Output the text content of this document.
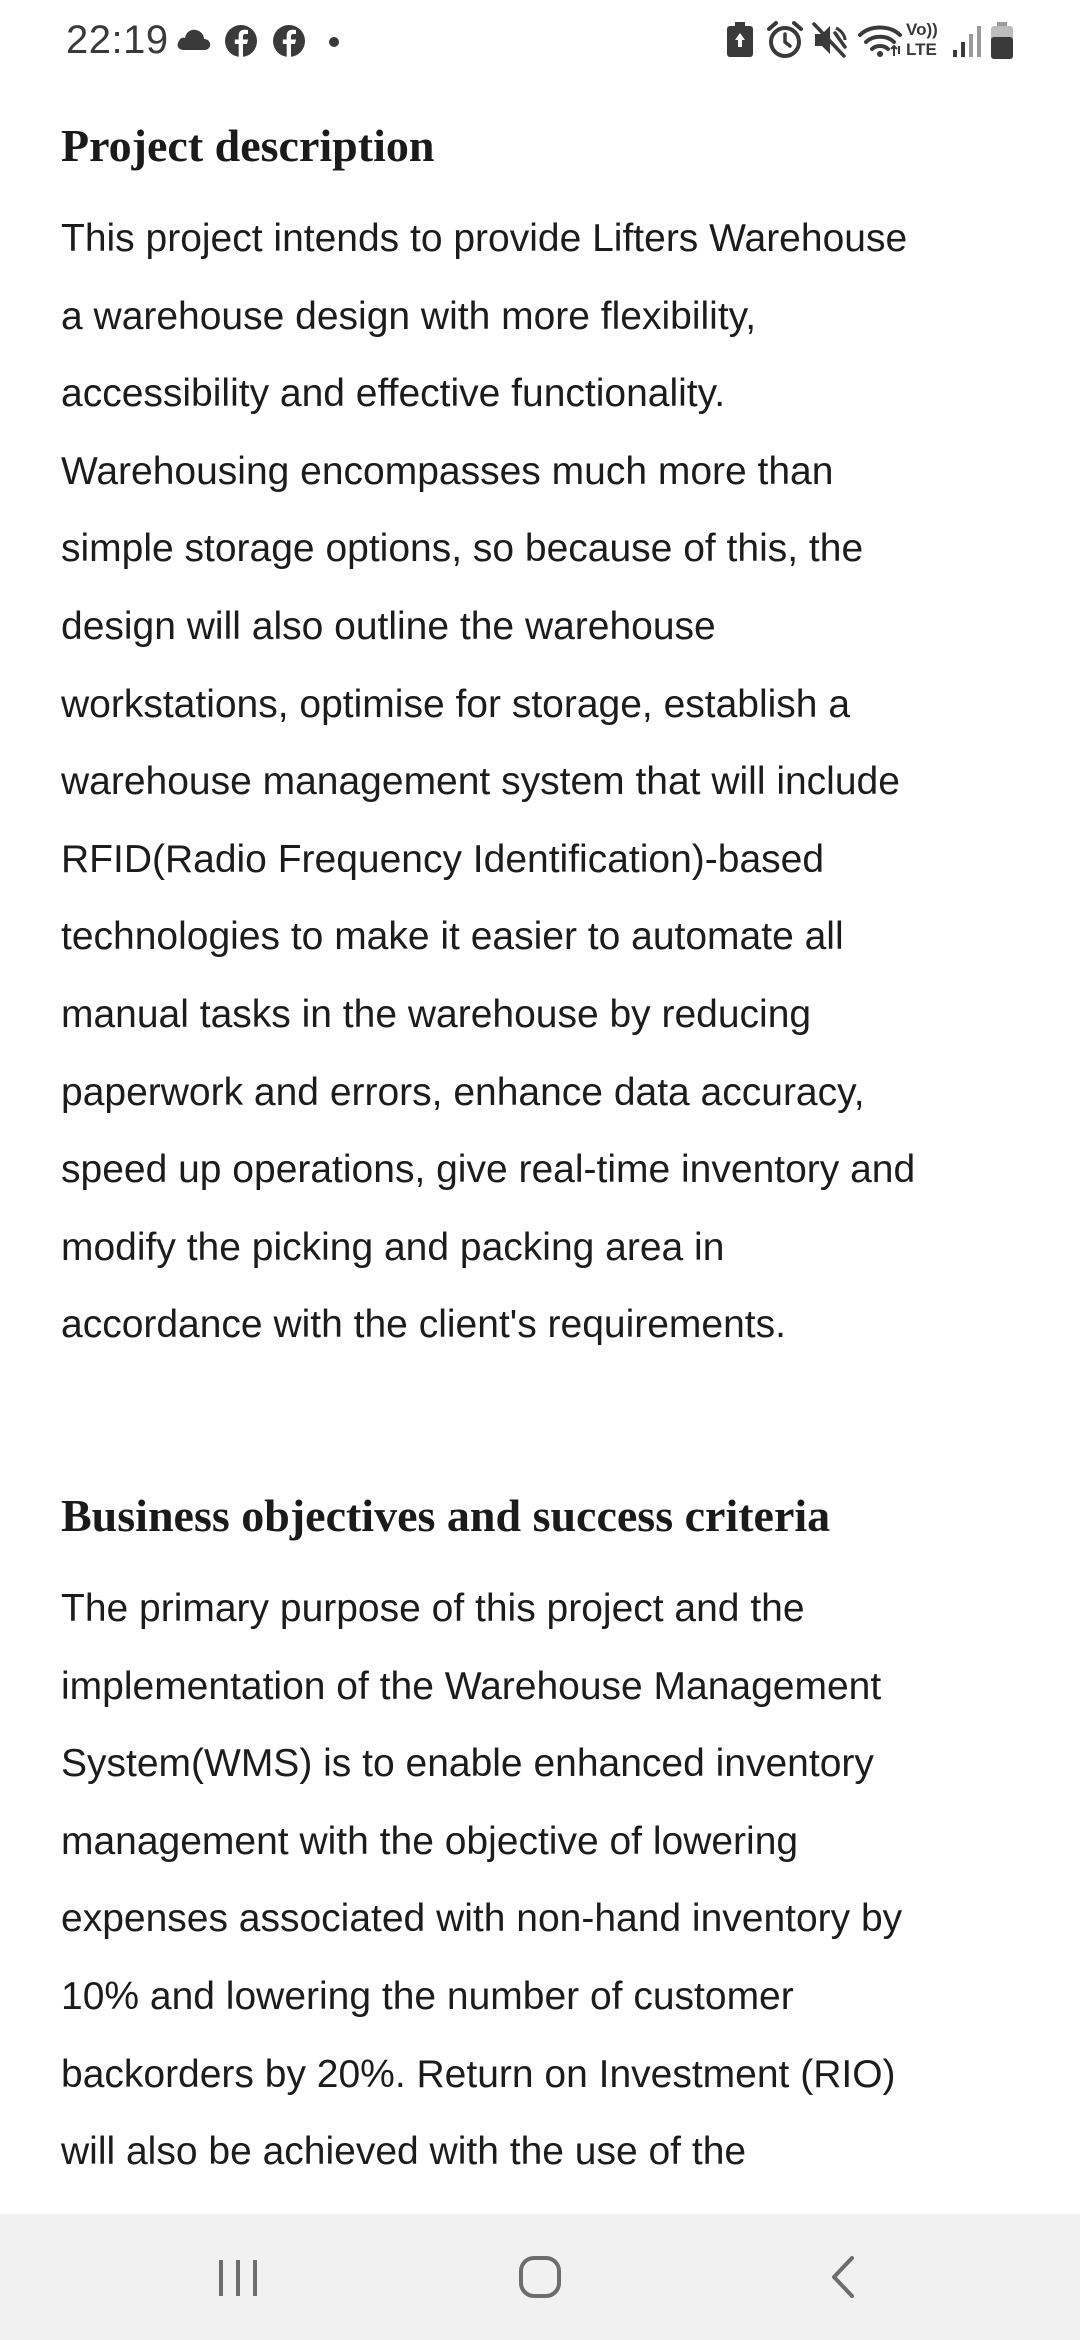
22:19	Vo))
LTE
Project description
This project intends to provide Lifters Warehouse
a warehouse design with more flexibility,
accessibility and effective functionality.
Warehousing encompasses much more than
simple storage options, so because of this, the
design will also outline the warehouse
workstations, optimise for storage, establish a
warehouse management system that will include
RFID(Radio Frequency Identification)-based
technologies to make it easier to automate all
manual tasks in the warehouse by reducing
paperwork and errors, enhance data accuracy,
speed up operations, give real-time inventory and
modify the picking and packing area in
accordance with the client's requirements.
Business objectives and success criteria
The primary purpose of this project and the
implementation of the Warehouse Management
System(WMS) is to enable enhanced inventory
management with the objective of lowering
expenses associated with non-hand inventory by
10% and lowering the number of customer
backorders by 20%. Return on Investment (RIO)
will also be achieved with the use of the
